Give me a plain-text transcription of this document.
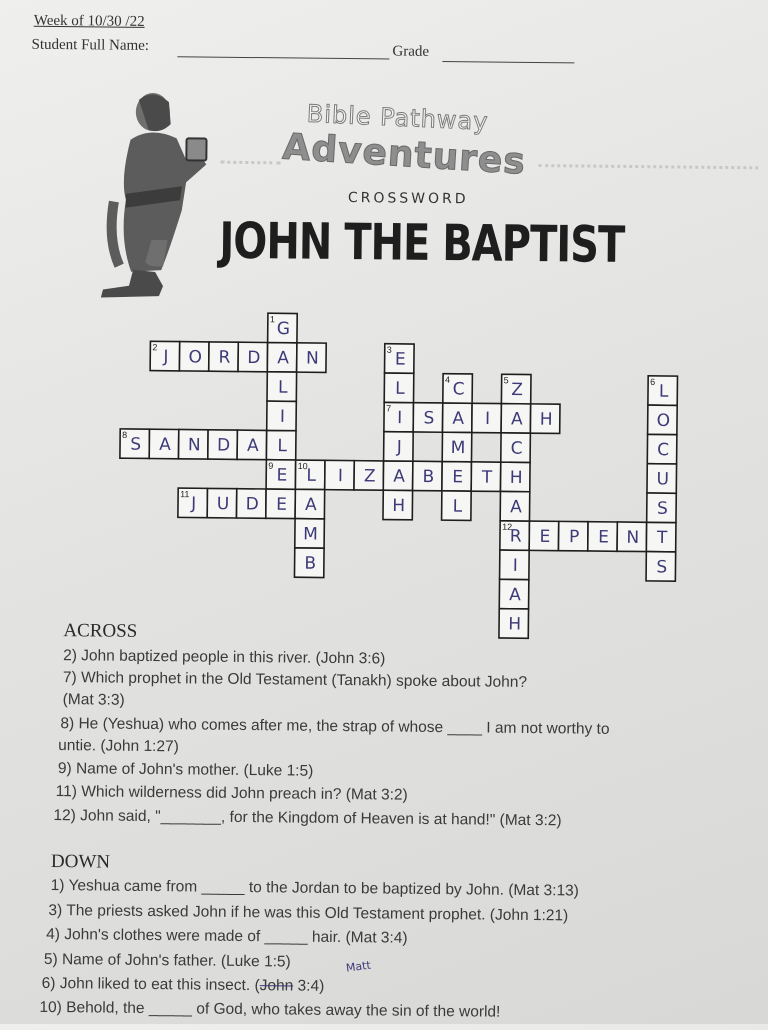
Week of 10/30 /22
Student Full Name:	Grade
Bible Pathway
Adventures
CROSSWORD
JOHN THE BAPTIST
2 J O R D A N
7 I S A I A H
8 S A N D A L
9 E 10
L I Z A B E T H
11 J U D E A
12
R E P E N T
1 G
L
I
3 E
L
J
H
4 C
M
L
5 Z
C
A
I
A
H
6 L
O
C
U
S
S
M
B
ACROSS
2) John baptized people in this river. (John 3:6)
7) Which prophet in the Old Testament (Tanakh) spoke about John?
(Mat 3:3)
8) He (Yeshua) who comes after me, the strap of whose ____ I am not worthy to
untie. (John 1:27)
9) Name of John's mother. (Luke 1:5)
11) Which wilderness did John preach in? (Mat 3:2)
12) John said, "_______, for the Kingdom of Heaven is at hand!" (Mat 3:2)
DOWN
1) Yeshua came from _____ to the Jordan to be baptized by John. (Mat 3:13)
3) The priests asked John if he was this Old Testament prophet. (John 1:21)
4) John's clothes were made of _____ hair. (Mat 3:4)
5) Name of John's father. (Luke 1:5)
6) John liked to eat this insect. (John 3:4)
Matt
10) Behold, the _____ of God, who takes away the sin of the world!
